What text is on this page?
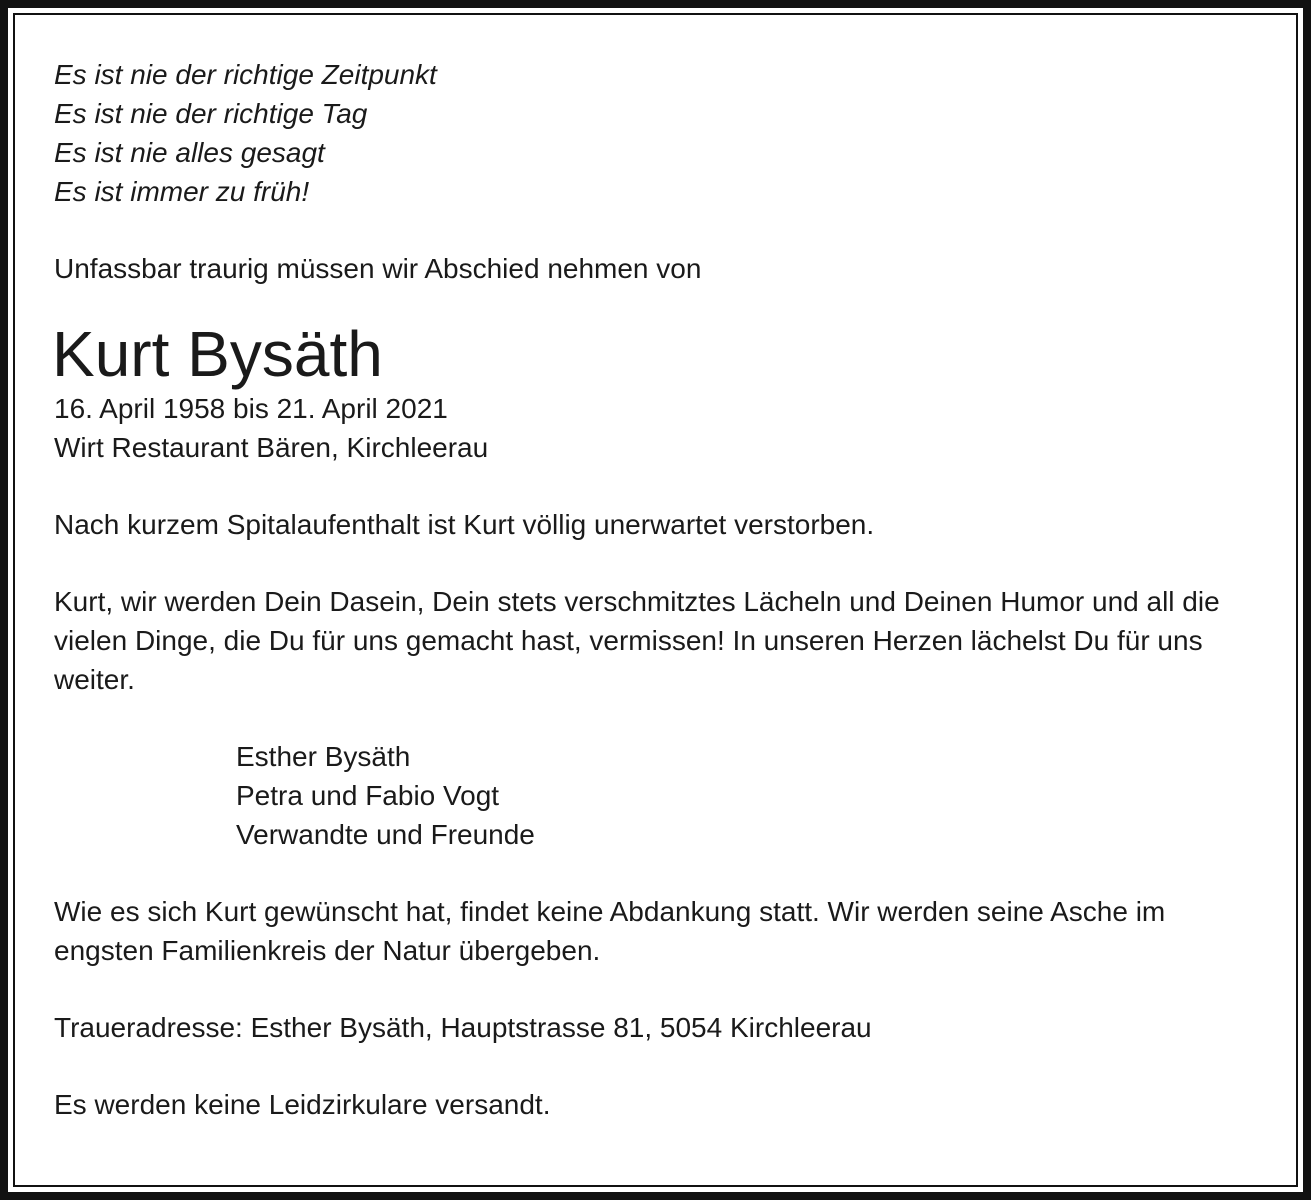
Es ist nie der richtige Zeitpunkt

Es ist nie der richtige Tag

Es ist nie alles gesagt

Es ist immer zu früh!

Unfassbar traurig müssen wir Abschied nehmen von

Kurt Bysäth

16. April 1958 bis 21. April 2021

Wirt Restaurant Bären, Kirchleerau

Nach kurzem Spitalaufenthalt ist Kurt völlig unerwartet verstorben.

Kurt, wir werden Dein Dasein, Dein stets verschmitztes Lächeln und Deinen Humor und all die

vielen Dinge, die Du für uns gemacht hast, vermissen! In unseren Herzen lächelst Du für uns

weiter.

Esther Bysäth

Petra und Fabio Vogt

Verwandte und Freunde

Wie es sich Kurt gewünscht hat, findet keine Abdankung statt. Wir werden seine Asche im

engsten Familienkreis der Natur übergeben.

Traueradresse: Esther Bysäth, Hauptstrasse 81, 5054 Kirchleerau

Es werden keine Leidzirkulare versandt.
